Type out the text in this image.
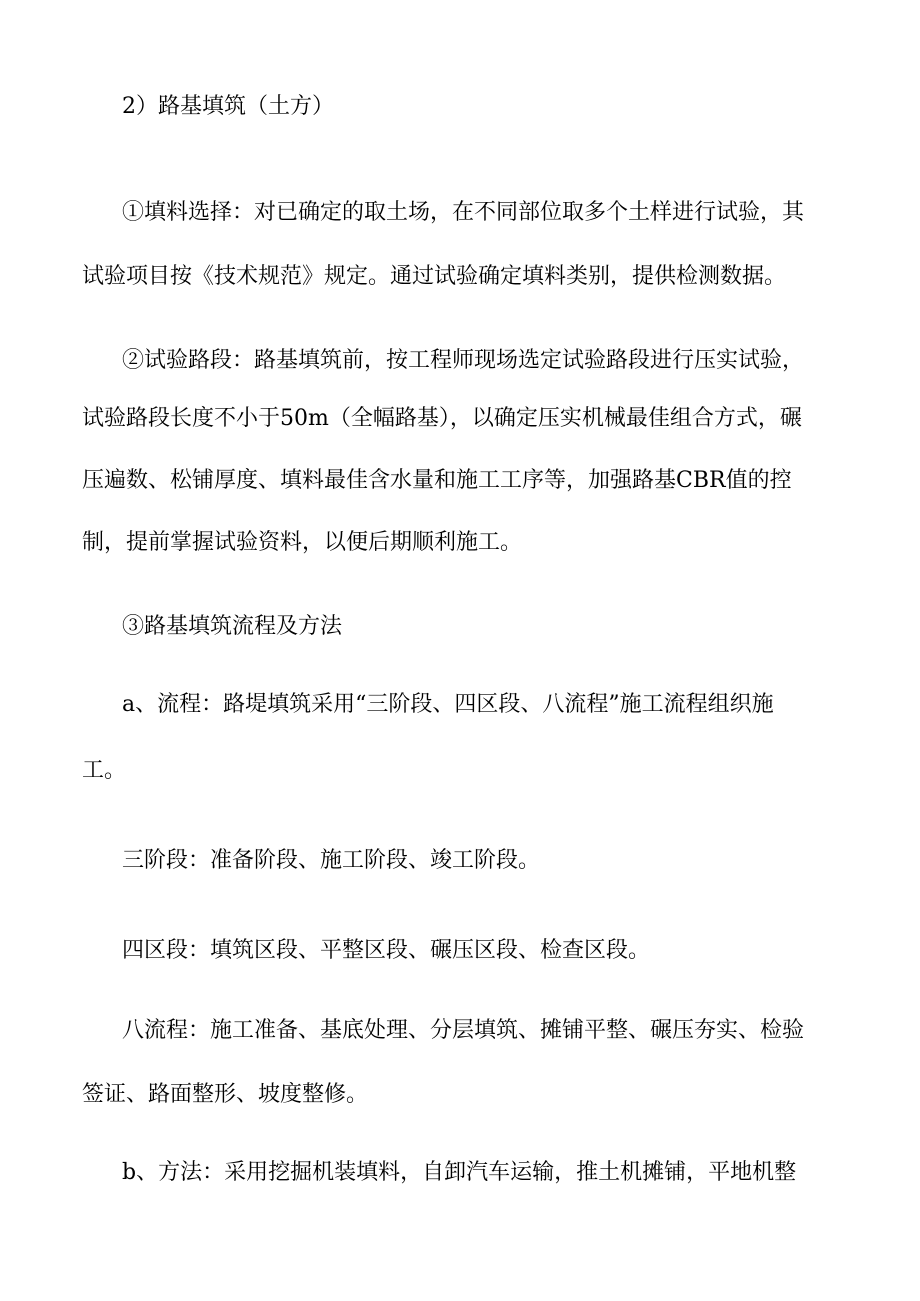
2）路基填筑（土方）
①填料选择：对已确定的取土场，在不同部位取多个土样进行试验，其
试验项目按《技术规范》规定。通过试验确定填料类别，提供检测数据。
②试验路段：路基填筑前，按工程师现场选定试验路段进行压实试验，
试验路段长度不小于50m（全幅路基），以确定压实机械最佳组合方式，碾
压遍数、松铺厚度、填料最佳含水量和施工工序等，加强路基CBR值的控
制，提前掌握试验资料，以便后期顺利施工。
③路基填筑流程及方法
a、流程：路堤填筑采用“三阶段、四区段、八流程”施工流程组织施
工。
三阶段：准备阶段、施工阶段、竣工阶段。
四区段：填筑区段、平整区段、碾压区段、检查区段。
八流程：施工准备、基底处理、分层填筑、摊铺平整、碾压夯实、检验
签证、路面整形、坡度整修。
b、方法：采用挖掘机装填料，自卸汽车运输，推土机摊铺，平地机整
